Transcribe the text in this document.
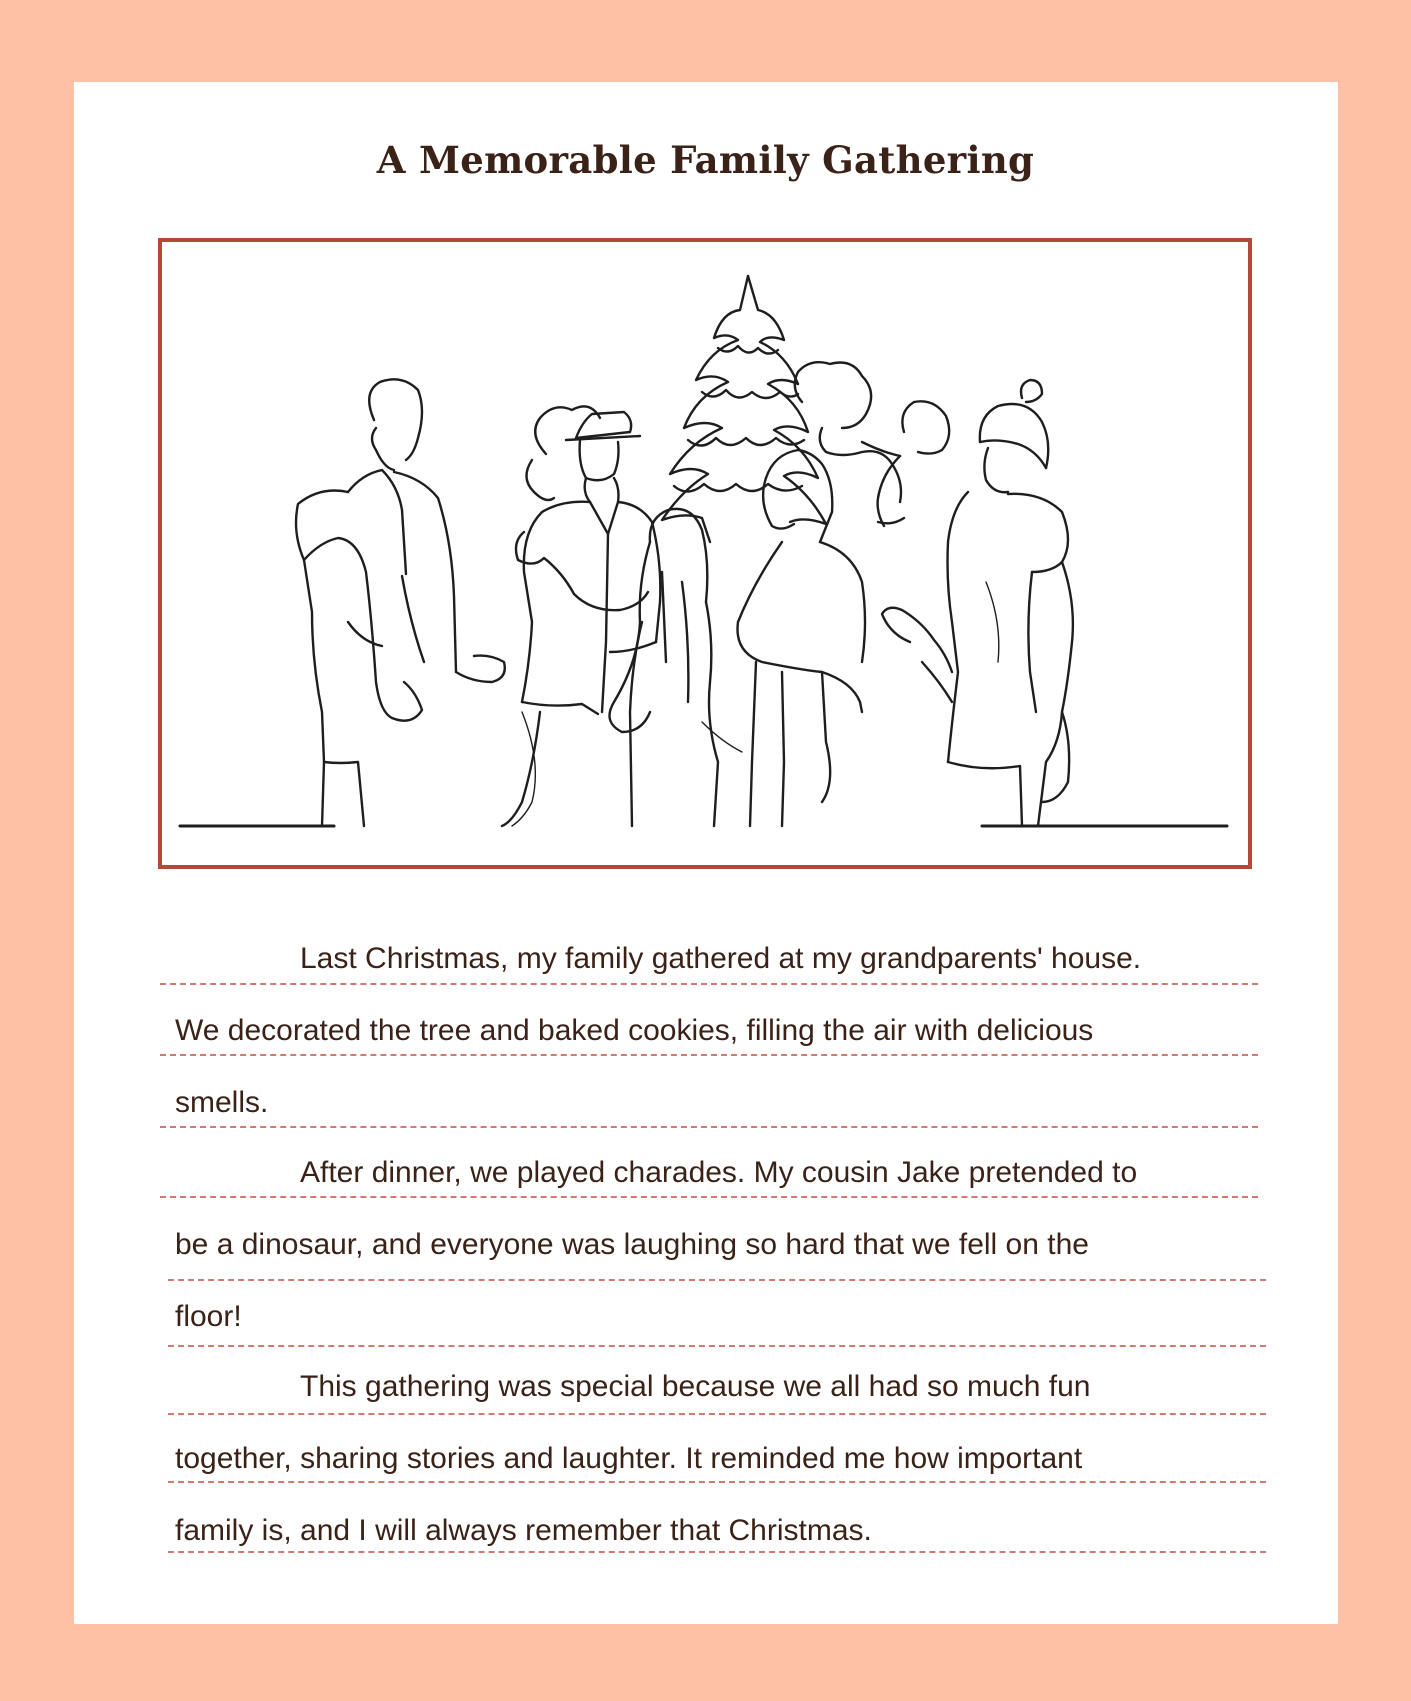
A Memorable Family Gathering
Last Christmas, my family gathered at my grandparents' house.
We decorated the tree and baked cookies, filling the air with delicious
smells.
After dinner, we played charades. My cousin Jake pretended to
be a dinosaur, and everyone was laughing so hard that we fell on the
floor!
This gathering was special because we all had so much fun
together, sharing stories and laughter. It reminded me how important
family is, and I will always remember that Christmas.
